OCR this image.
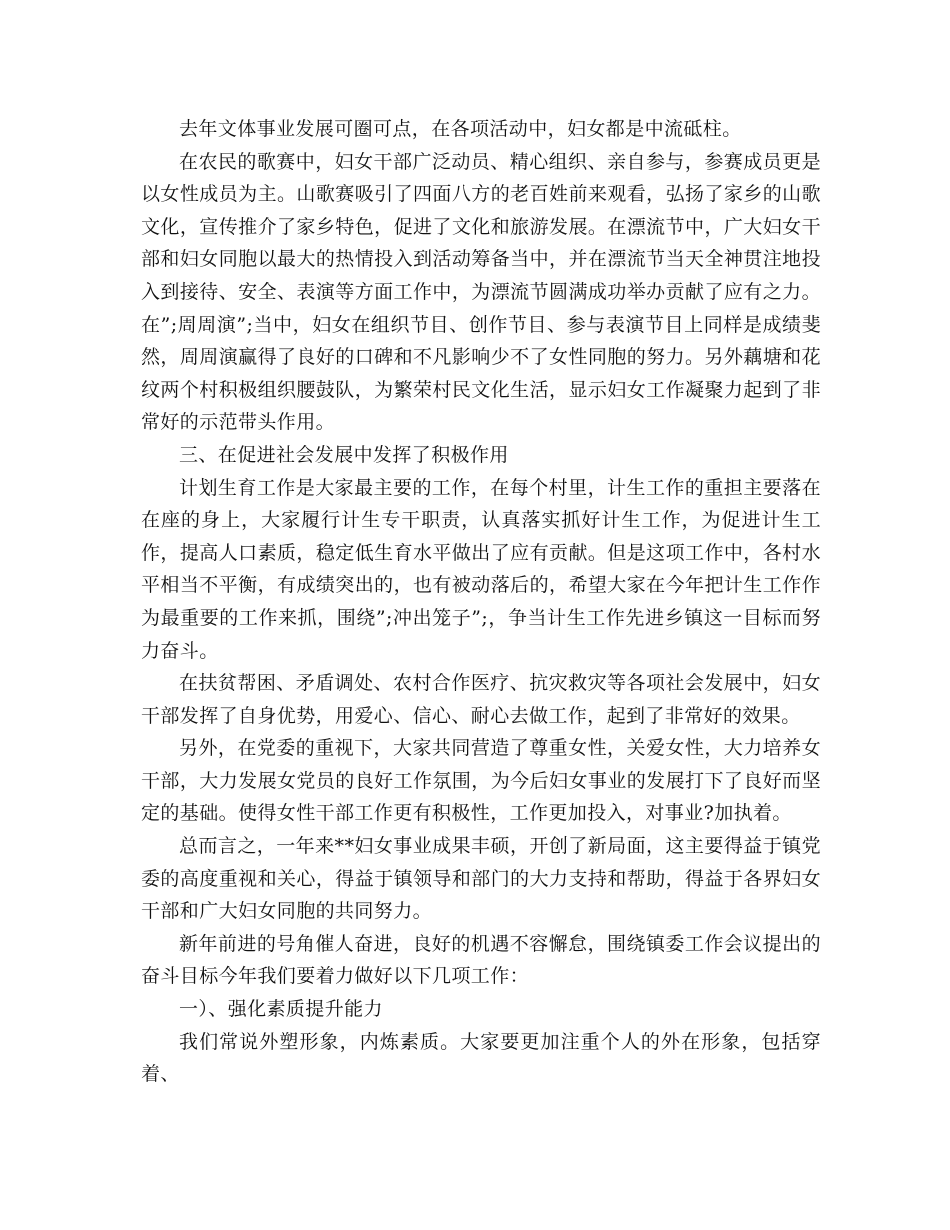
去年文体事业发展可圈可点，在各项活动中，妇女都是中流砥柱。

在农民的歌赛中，妇女干部广泛动员、精心组织、亲自参与，参赛成员更是以女性成员为主。山歌赛吸引了四面八方的老百姓前来观看，弘扬了家乡的山歌文化，宣传推介了家乡特色，促进了文化和旅游发展。在漂流节中，广大妇女干部和妇女同胞以最大的热情投入到活动筹备当中，并在漂流节当天全神贯注地投入到接待、安全、表演等方面工作中，为漂流节圆满成功举办贡献了应有之力。在”;周周演”;当中，妇女在组织节目、创作节目、参与表演节目上同样是成绩斐然，周周演赢得了良好的口碑和不凡影响少不了女性同胞的努力。另外藕塘和花纹两个村积极组织腰鼓队，为繁荣村民文化生活，显示妇女工作凝聚力起到了非常好的示范带头作用。

三、在促进社会发展中发挥了积极作用

计划生育工作是大家最主要的工作，在每个村里，计生工作的重担主要落在在座的身上，大家履行计生专干职责，认真落实抓好计生工作，为促进计生工作，提高人口素质，稳定低生育水平做出了应有贡献。但是这项工作中，各村水平相当不平衡，有成绩突出的，也有被动落后的，希望大家在今年把计生工作作为最重要的工作来抓，围绕”;冲出笼子”;，争当计生工作先进乡镇这一目标而努力奋斗。

在扶贫帮困、矛盾调处、农村合作医疗、抗灾救灾等各项社会发展中，妇女干部发挥了自身优势，用爱心、信心、耐心去做工作，起到了非常好的效果。

另外，在党委的重视下，大家共同营造了尊重女性，关爱女性，大力培养女干部，大力发展女党员的良好工作氛围，为今后妇女事业的发展打下了良好而坚定的基础。使得女性干部工作更有积极性，工作更加投入，对事业?加执着。

总而言之，一年来**妇女事业成果丰硕，开创了新局面，这主要得益于镇党委的高度重视和关心，得益于镇领导和部门的大力支持和帮助，得益于各界妇女干部和广大妇女同胞的共同努力。

新年前进的号角催人奋进，良好的机遇不容懈怠，围绕镇委工作会议提出的奋斗目标今年我们要着力做好以下几项工作：

一）、强化素质提升能力

我们常说外塑形象，内炼素质。大家要更加注重个人的外在形象，包括穿着、
